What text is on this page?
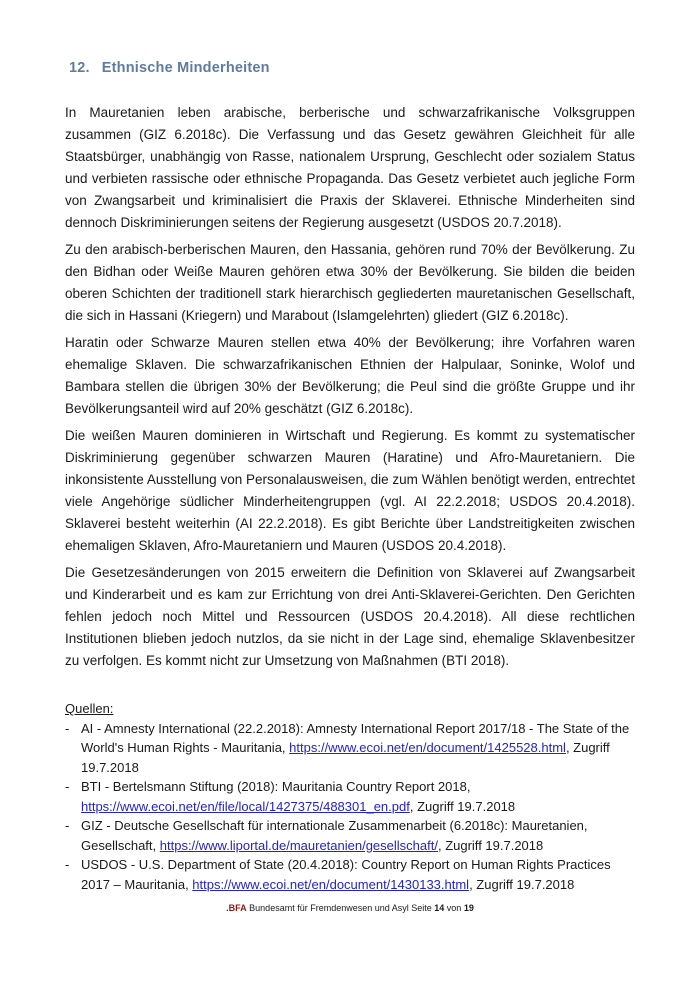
12. Ethnische Minderheiten

In Mauretanien leben arabische, berberische und schwarzafrikanische Volksgruppen zusammen (GIZ 6.2018c). Die Verfassung und das Gesetz gewähren Gleichheit für alle Staatsbürger, unabhängig von Rasse, nationalem Ursprung, Geschlecht oder sozialem Status und verbieten rassische oder ethnische Propaganda. Das Gesetz verbietet auch jegliche Form von Zwangsarbeit und kriminalisiert die Praxis der Sklaverei. Ethnische Minderheiten sind dennoch Diskriminierungen seitens der Regierung ausgesetzt (USDOS 20.7.2018).

Zu den arabisch-berberischen Mauren, den Hassania, gehören rund 70% der Bevölkerung. Zu den Bidhan oder Weiße Mauren gehören etwa 30% der Bevölkerung. Sie bilden die beiden oberen Schichten der traditionell stark hierarchisch gegliederten mauretanischen Gesellschaft, die sich in Hassani (Kriegern) und Marabout (Islamgelehrten) gliedert (GIZ 6.2018c).

Haratin oder Schwarze Mauren stellen etwa 40% der Bevölkerung; ihre Vorfahren waren ehemalige Sklaven. Die schwarzafrikanischen Ethnien der Halpulaar, Soninke, Wolof und Bambara stellen die übrigen 30% der Bevölkerung; die Peul sind die größte Gruppe und ihr Bevölkerungsanteil wird auf 20% geschätzt (GIZ 6.2018c).

Die weißen Mauren dominieren in Wirtschaft und Regierung. Es kommt zu systematischer Diskriminierung gegenüber schwarzen Mauren (Haratine) und Afro-Mauretaniern. Die inkonsistente Ausstellung von Personalausweisen, die zum Wählen benötigt werden, entrechtet viele Angehörige südlicher Minderheitengruppen (vgl. AI 22.2.2018; USDOS 20.4.2018). Sklaverei besteht weiterhin (AI 22.2.2018). Es gibt Berichte über Landstreitigkeiten zwischen ehemaligen Sklaven, Afro-Mauretaniern und Mauren (USDOS 20.4.2018).

Die Gesetzesänderungen von 2015 erweitern die Definition von Sklaverei auf Zwangsarbeit und Kinderarbeit und es kam zur Errichtung von drei Anti-Sklaverei-Gerichten. Den Gerichten fehlen jedoch noch Mittel und Ressourcen (USDOS 20.4.2018). All diese rechtlichen Institutionen blieben jedoch nutzlos, da sie nicht in der Lage sind, ehemalige Sklavenbesitzer zu verfolgen. Es kommt nicht zur Umsetzung von Maßnahmen (BTI 2018).

Quellen:
- AI - Amnesty International (22.2.2018): Amnesty International Report 2017/18 - The State of the World's Human Rights - Mauritania, https://www.ecoi.net/en/document/1425528.html, Zugriff 19.7.2018
- BTI - Bertelsmann Stiftung (2018): Mauritania Country Report 2018, https://www.ecoi.net/en/file/local/1427375/488301_en.pdf, Zugriff 19.7.2018
- GIZ - Deutsche Gesellschaft für internationale Zusammenarbeit (6.2018c): Mauretanien, Gesellschaft, https://www.liportal.de/mauretanien/gesellschaft/, Zugriff 19.7.2018
- USDOS - U.S. Department of State (20.4.2018): Country Report on Human Rights Practices 2017 – Mauritania, https://www.ecoi.net/en/document/1430133.html, Zugriff 19.7.2018
.BFA Bundesamt für Fremdenwesen und Asyl Seite 14 von 19
